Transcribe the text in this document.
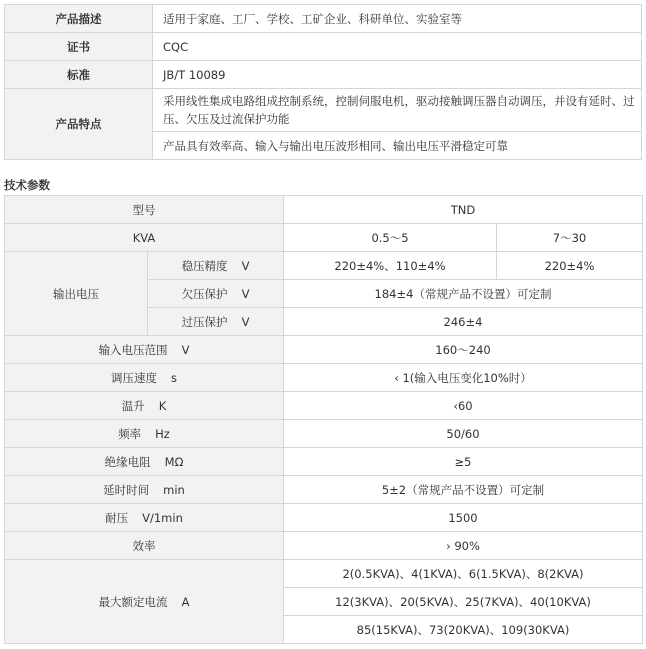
产品描述	适用于家庭、工厂、学校、工矿企业、科研单位、实验室等
证书	CQC
标准	JB/T 10089
产品特点	采用线性集成电路组成控制系统，控制伺服电机，驱动接触调压器自动调压，并设有延时、过压、欠压及过流保护功能
	产品具有效率高、输入与输出电压波形相同、输出电压平滑稳定可靠
技术参数
型号		TND	
KVA		0.5～5	7～30
输出电压	稳压精度 V	220±4%、110±4%	220±4%
	欠压保护 V	184±4（常规产品不设置）可定制	
	过压保护 V	246±4	
输入电压范围 V		160～240	
调压速度 s		‹ 1(输入电压变化10%时）	
温升 K		‹60	
频率 Hz		50/60	
绝缘电阻 MΩ		≥5	
延时时间 min		5±2（常规产品不设置）可定制	
耐压 V/1min		1500	
效率		› 90%	
最大额定电流 A		2(0.5KVA)、4(1KVA)、6(1.5KVA)、8(2KVA)	
		12(3KVA)、20(5KVA)、25(7KVA)、40(10KVA)	
		85(15KVA)、73(20KVA)、109(30KVA)	
